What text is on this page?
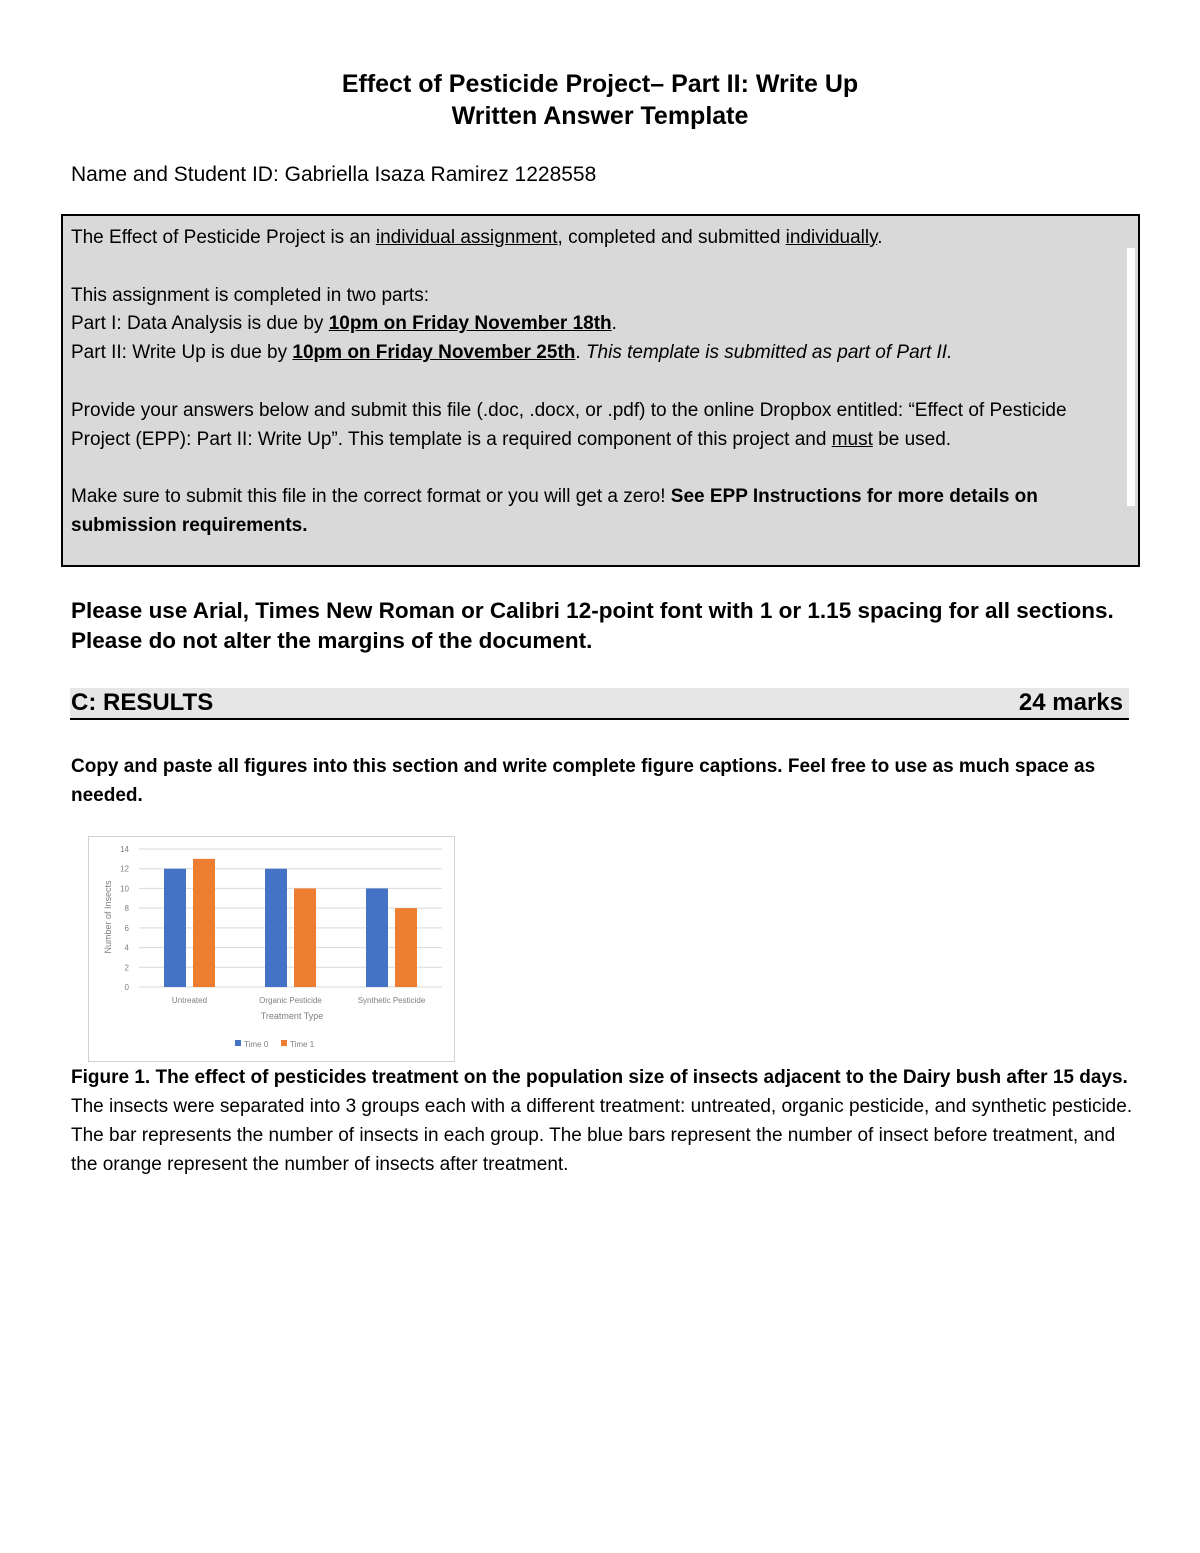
Effect of Pesticide Project– Part II: Write Up
Written Answer Template
Name and Student ID: Gabriella Isaza Ramirez 1228558

The Effect of Pesticide Project is an individual assignment, completed and submitted individually.

This assignment is completed in two parts:

Part I: Data Analysis is due by 10pm on Friday November 18th.

Part II: Write Up is due by 10pm on Friday November 25th. This template is submitted as part of Part II.

Provide your answers below and submit this file (.doc, .docx, or .pdf) to the online Dropbox entitled: “Effect of Pesticide Project (EPP): Part II: Write Up”. This template is a required component of this project and must be used.

Make sure to submit this file in the correct format or you will get a zero! See EPP Instructions for more details on submission requirements.

Please use Arial, Times New Roman or Calibri 12-point font with 1 or 1.15 spacing for all sections. Please do not alter the margins of the document.
C: RESULTS	24 marks
Copy and paste all figures into this section and write complete figure captions. Feel free to use as much space as needed.
0
2
4
6
8
10
12
14
Untreated	Organic Pesticide	Synthetic Pesticide
Number of Insects
Treatment Type
Time 0	Time 1
Figure 1. The effect of pesticides treatment on the population size of insects adjacent to the Dairy bush after 15 days. The insects were separated into 3 groups each with a different treatment: untreated, organic pesticide, and synthetic pesticide. The bar represents the number of insects in each group. The blue bars represent the number of insect before treatment, and the orange represent the number of insects after treatment.
